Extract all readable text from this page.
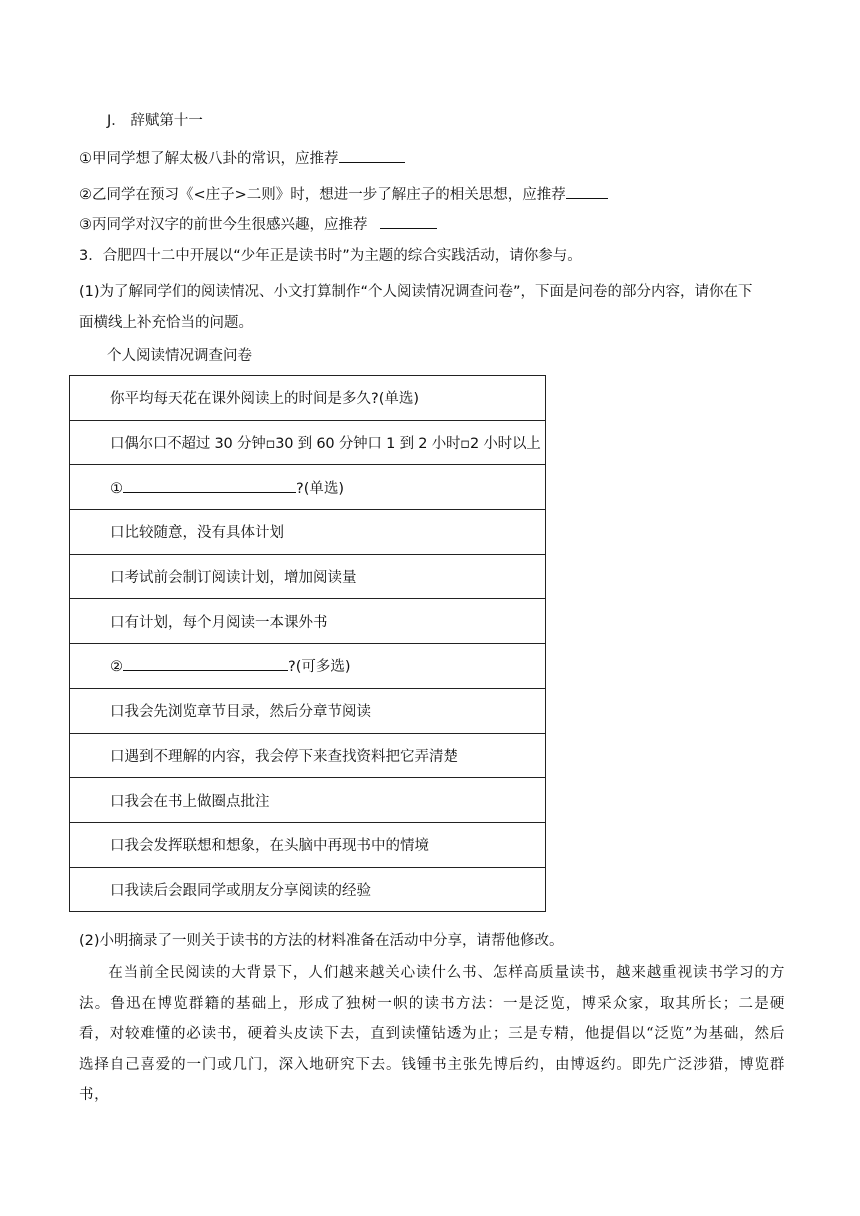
J． 辞赋第十一
①甲同学想了解太极八卦的常识，应推荐
②乙同学在预习《<庄子>二则》时，想进一步了解庄子的相关思想，应推荐
③丙同学对汉字的前世今生很感兴趣，应推荐
3．合肥四十二中开展以“少年正是读书时”为主题的综合实践活动，请你参与。
(1)为了解同学们的阅读情况、小文打算制作“个人阅读情况调查问卷”，下面是问卷的部分内容，请你在下
面横线上补充恰当的问题。
个人阅读情况调查问卷
你平均每天花在课外阅读上的时间是多久?(单选)
口偶尔口不超过 30 分钟▫30 到 60 分钟口 1 到 2 小时▫2 小时以上
①	?(单选)
口比较随意，没有具体计划
口考试前会制订阅读计划，增加阅读量
口有计划，每个月阅读一本课外书
②	?(可多选)
口我会先浏览章节目录，然后分章节阅读
口遇到不理解的内容，我会停下来查找资料把它弄清楚
口我会在书上做圈点批注
口我会发挥联想和想象，在头脑中再现书中的情境
口我读后会跟同学或朋友分享阅读的经验
(2)小明摘录了一则关于读书的方法的材料准备在活动中分享，请帮他修改。
在当前全民阅读的大背景下，人们越来越关心读什么书、怎样高质量读书，越来越重视读书学习的方法。鲁迅在博览群籍的基础上，形成了独树一帜的读书方法：一是泛览，博采众家，取其所长；二是硬看，对较难懂的必读书，硬着头皮读下去，直到读懂钻透为止；三是专精，他提倡以“泛览”为基础，然后选择自己喜爱的一门或几门，深入地研究下去。钱锺书主张先博后约，由博返约。即先广泛涉猎，博览群书，
